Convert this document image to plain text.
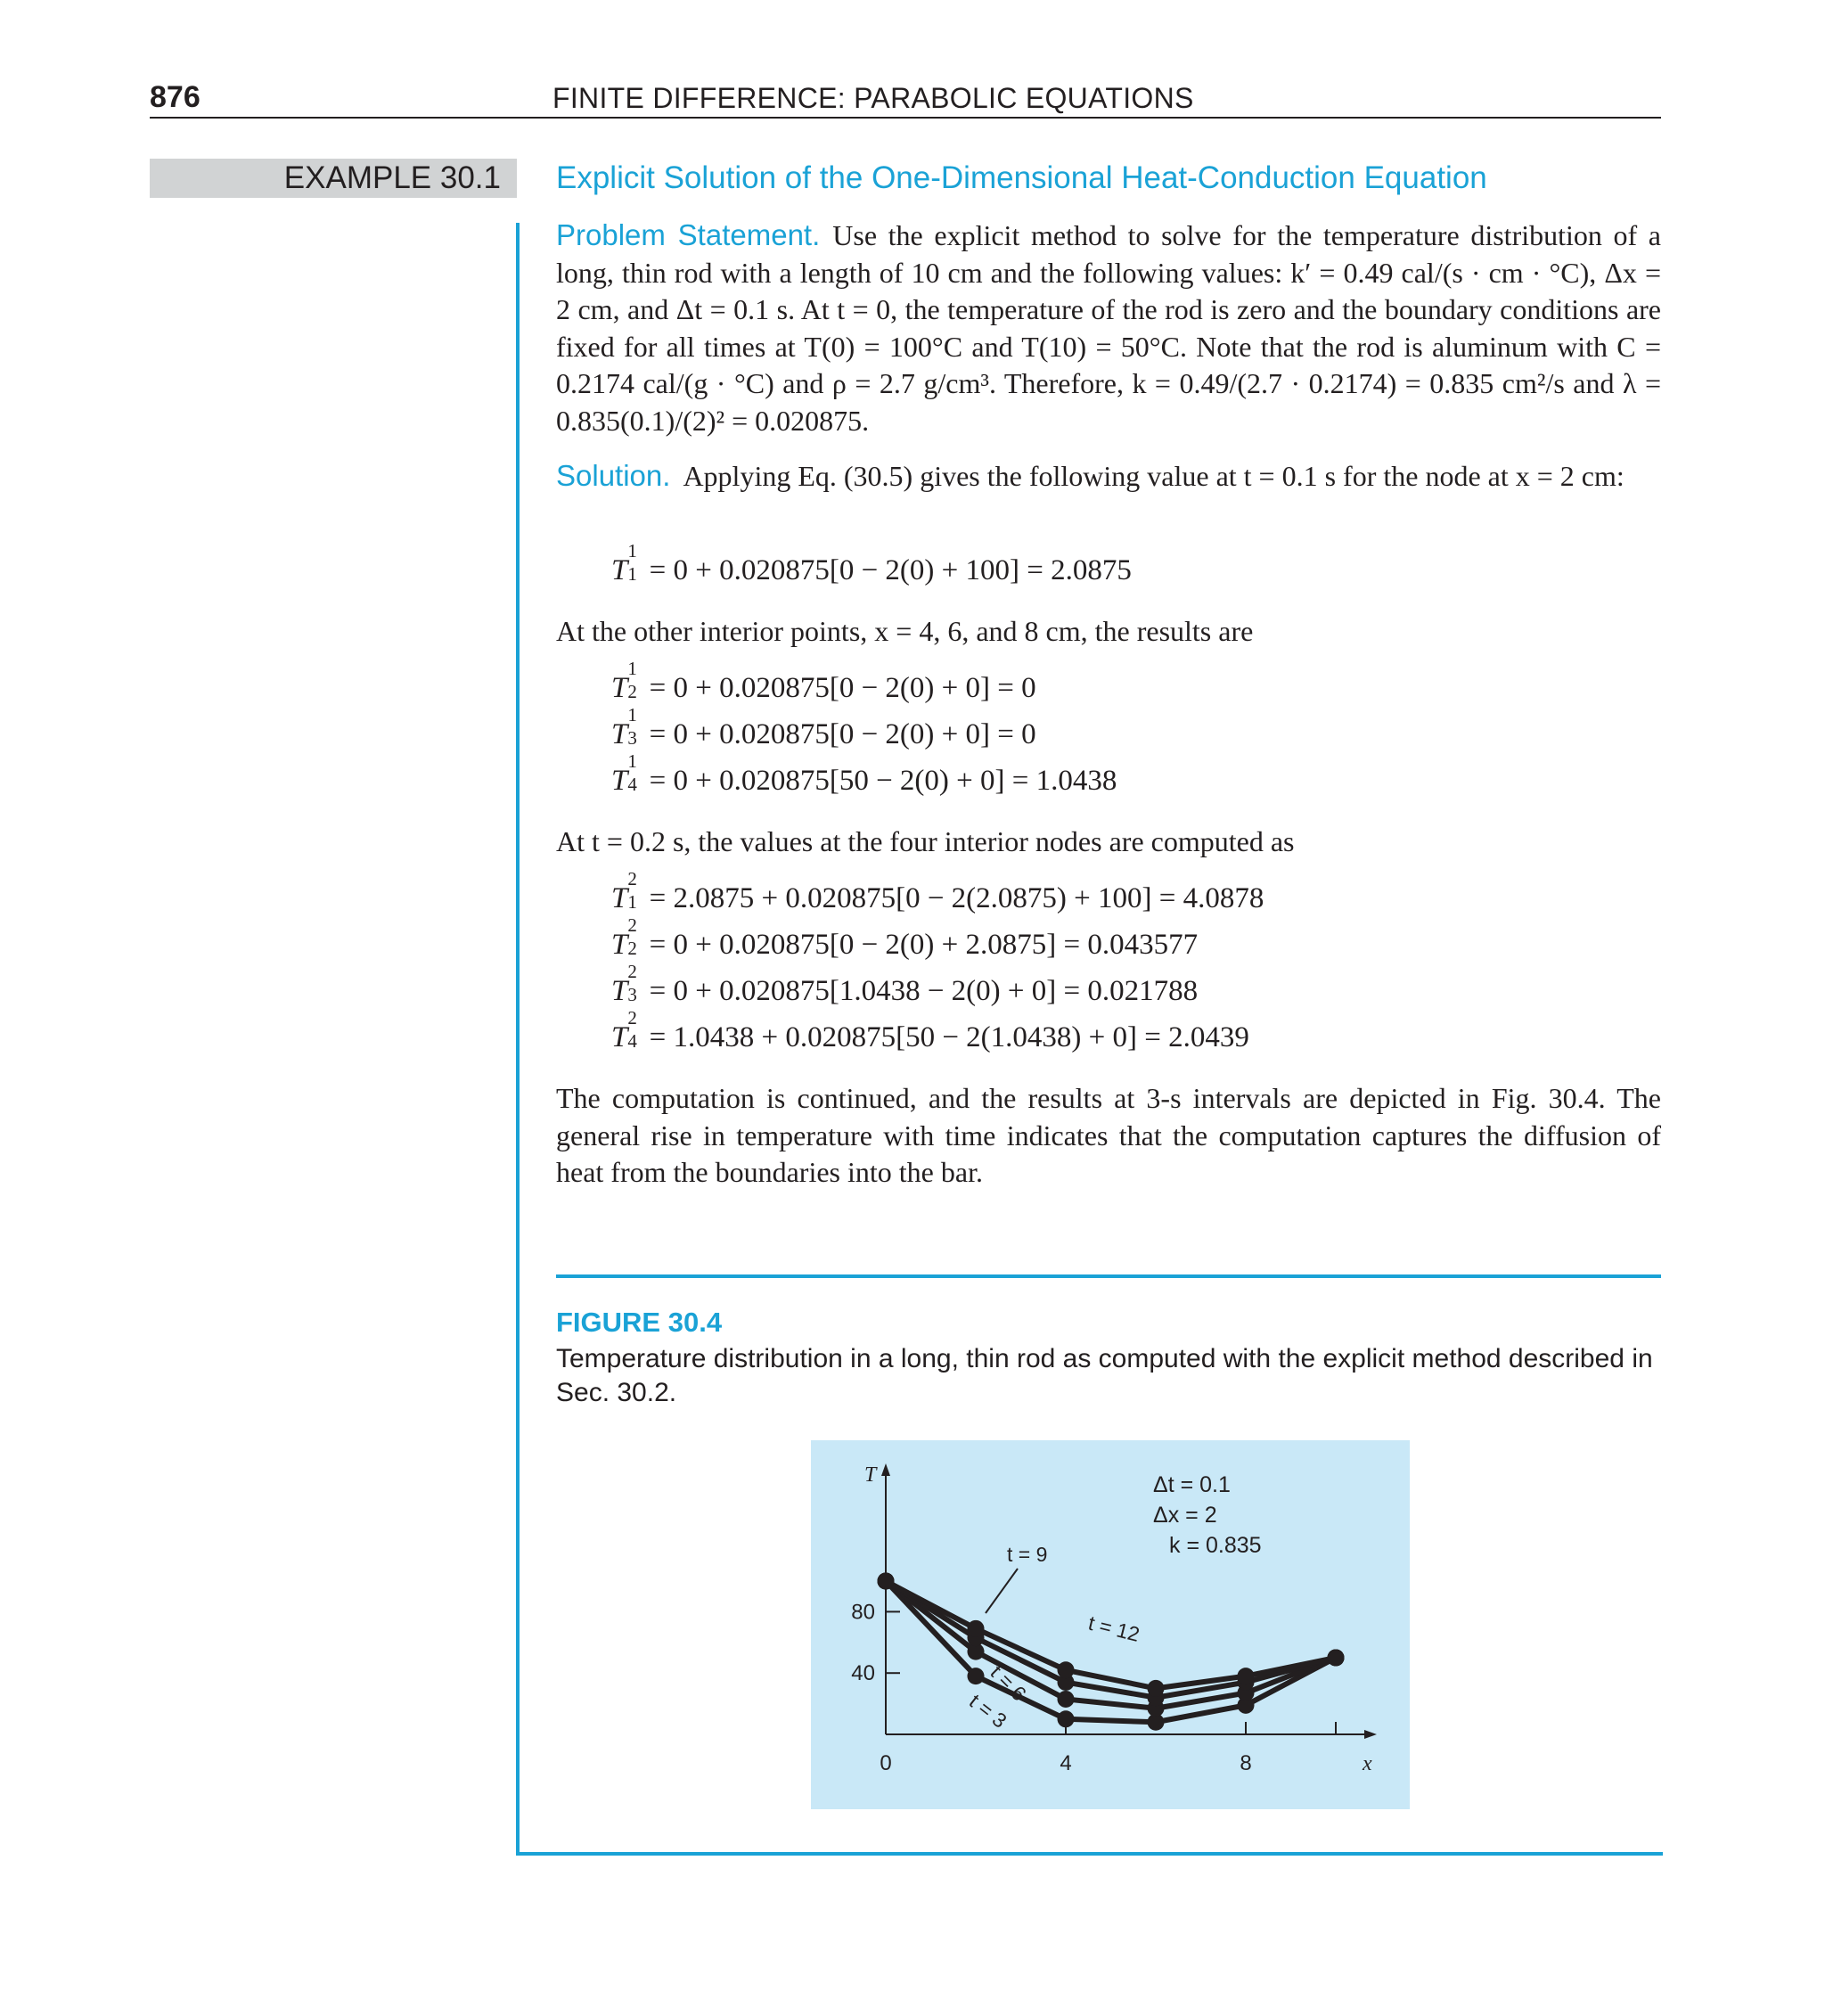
876	FINITE DIFFERENCE: PARABOLIC EQUATIONS
EXAMPLE 30.1 Explicit Solution of the One-Dimensional Heat-Conduction Equation
Problem Statement. Use the explicit method to solve for the temperature distribution of a long, thin rod with a length of 10 cm and the following values: k′ = 0.49 cal/(s · cm · °C), Δx = 2 cm, and Δt = 0.1 s. At t = 0, the temperature of the rod is zero and the boundary conditions are fixed for all times at T(0) = 100°C and T(10) = 50°C. Note that the rod is aluminum with C = 0.2174 cal/(g · °C) and ρ = 2.7 g/cm³. Therefore, k = 0.49/(2.7 · 0.2174) = 0.835 cm²/s and λ = 0.835(0.1)/(2)² = 0.020875.
Solution. Applying Eq. (30.5) gives the following value at t = 0.1 s for the node at x = 2 cm:
T
1
1 = 0 + 0.020875[0 − 2(0) + 100] = 2.0875
At the other interior points, x = 4, 6, and 8 cm, the results are
T
1
2 = 0 + 0.020875[0 − 2(0) + 0] = 0
T
1
3 = 0 + 0.020875[0 − 2(0) + 0] = 0
T
1
4 = 0 + 0.020875[50 − 2(0) + 0] = 1.0438
At t = 0.2 s, the values at the four interior nodes are computed as
T
2
1 = 2.0875 + 0.020875[0 − 2(2.0875) + 100] = 4.0878
T
2
2 = 0 + 0.020875[0 − 2(0) + 2.0875] = 0.043577
T
2
3 = 0 + 0.020875[1.0438 − 2(0) + 0] = 0.021788
T
2
4 = 1.0438 + 0.020875[50 − 2(1.0438) + 0] = 2.0439
The computation is continued, and the results at 3-s intervals are depicted in Fig. 30.4. The general rise in temperature with time indicates that the computation captures the diffusion of heat from the boundaries into the bar.
FIGURE 30.4
Temperature distribution in a long, thin rod as computed with the explicit method described in Sec. 30.2.
T
x
0	4	8
40
80
t = 3
t = 6
t = 9
t = 12
Δt = 0.1
Δx = 2
k = 0.835
